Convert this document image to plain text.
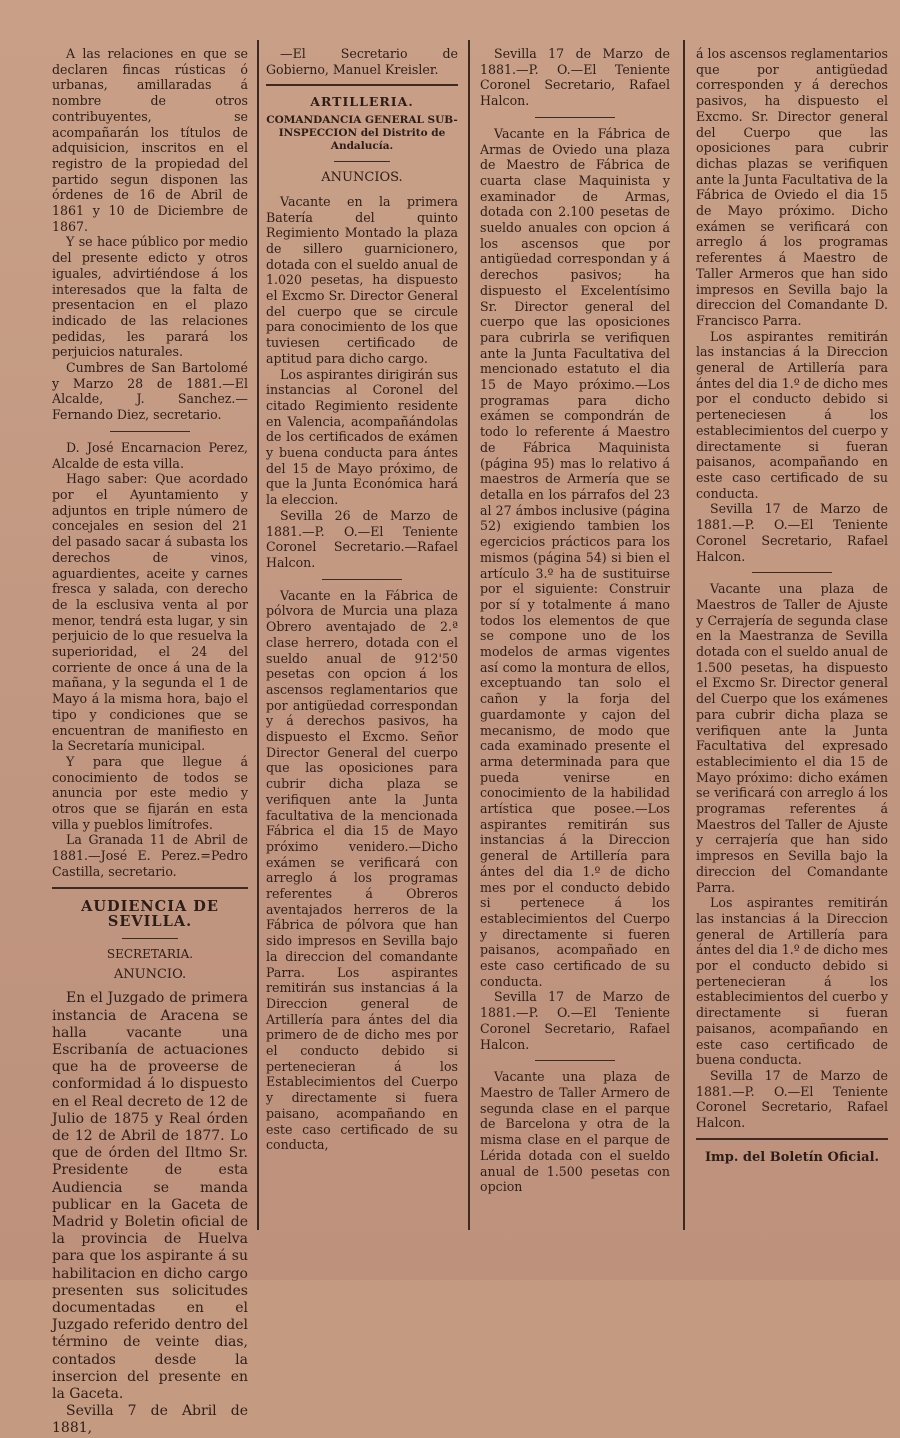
A las relaciones en que se declaren fincas rústicas ó urbanas, amillaradas á nombre de otros contribuyentes, se acompañarán los títulos de adquisicion, inscritos en el registro de la propiedad del partido segun disponen las órdenes de 16 de Abril de 1861 y 10 de Diciembre de 1867.

Y se hace público por medio del presente edicto y otros iguales, advirtiéndose á los interesados que la falta de presentacion en el plazo indicado de las relaciones pedidas, les parará los perjuicios naturales.

Cumbres de San Bartolomé y Marzo 28 de 1881.—El Alcalde, J. Sanchez.—Fernando Diez, secretario.

D. José Encarnacion Perez, Alcalde de esta villa.

Hago saber: Que acordado por el Ayuntamiento y adjuntos en triple número de concejales en sesion del 21 del pasado sacar á subasta los derechos de vinos, aguardientes, aceite y carnes fresca y salada, con derecho de la esclusiva venta al por menor, tendrá esta lugar, y sin perjuicio de lo que resuelva la superioridad, el 24 del corriente de once á una de la mañana, y la segunda el 1 de Mayo á la misma hora, bajo el tipo y condiciones que se encuentran de manifiesto en la Secretaría municipal.

Y para que llegue á conocimiento de todos se anuncia por este medio y otros que se fijarán en esta villa y pueblos limítrofes.

La Granada 11 de Abril de 1881.—José E. Perez.=Pedro Castilla, secretario.

AUDIENCIA DE SEVILLA.
SECRETARIA.
ANUNCIO.

En el Juzgado de primera instancia de Aracena se halla vacante una Escribanía de actuaciones que ha de proveerse de conformidad á lo dispuesto en el Real decreto de 12 de Julio de 1875 y Real órden de 12 de Abril de 1877. Lo que de órden del Iltmo Sr. Presidente de esta Audiencia se manda publicar en la Gaceta de Madrid y Boletin oficial de la provincia de Huelva para que los aspirante á su habilitacion en dicho cargo presenten sus solicitudes documentadas en el Juzgado referido dentro del término de veinte dias, contados desde la insercion del presente en la Gaceta.

Sevilla 7 de Abril de 1881,

—El Secretario de Gobierno, Manuel Kreisler.

ARTILLERIA.
COMANDANCIA GENERAL SUB-INSPECCION del Distrito de Andalucía.
ANUNCIOS.

Vacante en la primera Batería del quinto Regimiento Montado la plaza de sillero guarnicionero, dotada con el sueldo anual de 1.020 pesetas, ha dispuesto el Excmo Sr. Director General del cuerpo que se circule para conocimiento de los que tuviesen certificado de aptitud para dicho cargo.

Los aspirantes dirigirán sus instancias al Coronel del citado Regimiento residente en Valencia, acompañándolas de los certificados de exámen y buena conducta para ántes del 15 de Mayo próximo, de que la Junta Económica hará la eleccion.

Sevilla 26 de Marzo de 1881.—P. O.—El Teniente Coronel Secretario.—Rafael Halcon.

Vacante en la Fábrica de pólvora de Murcia una plaza Obrero aventajado de 2.ª clase herrero, dotada con el sueldo anual de 912'50 pesetas con opcion á los ascensos reglamentarios que por antigüedad correspondan y á derechos pasivos, ha dispuesto el Excmo. Señor Director General del cuerpo que las oposiciones para cubrir dicha plaza se verifiquen ante la Junta facultativa de la mencionada Fábrica el dia 15 de Mayo próximo venidero.—Dicho exámen se verificará con arreglo á los programas referentes á Obreros aventajados herreros de la Fábrica de pólvora que han sido impresos en Sevilla bajo la direccion del comandante Parra. Los aspirantes remitirán sus instancias á la Direccion general de Artillería para ántes del dia primero de de dicho mes por el conducto debido si pertenecieran á los Establecimientos del Cuerpo y directamente si fuera paisano, acompañando en este caso certificado de su conducta,

Sevilla 17 de Marzo de 1881.—P. O.—El Teniente Coronel Secretario, Rafael Halcon.

Vacante en la Fábrica de Armas de Oviedo una plaza de Maestro de Fábrica de cuarta clase Maquinista y examinador de Armas, dotada con 2.100 pesetas de sueldo anuales con opcion á los ascensos que por antigüedad correspondan y á derechos pasivos; ha dispuesto el Excelentísimo Sr. Director general del cuerpo que las oposiciones para cubrirla se verifiquen ante la Junta Facultativa del mencionado estatuto el dia 15 de Mayo próximo.—Los programas para dicho exámen se compondrán de todo lo referente á Maestro de Fábrica Maquinista (página 95) mas lo relativo á maestros de Armería que se detalla en los párrafos del 23 al 27 ámbos inclusive (página 52) exigiendo tambien los egercicios prácticos para los mismos (página 54) si bien el artículo 3.º ha de sustituirse por el siguiente: Construir por sí y totalmente á mano todos los elementos de que se compone uno de los modelos de armas vigentes así como la montura de ellos, exceptuando tan solo el cañon y la forja del guardamonte y cajon del mecanismo, de modo que cada examinado presente el arma determinada para que pueda venirse en conocimiento de la habilidad artística que posee.—Los aspirantes remitirán sus instancias á la Direccion general de Artillería para ántes del dia 1.º de dicho mes por el conducto debido si pertenece á los establecimientos del Cuerpo y directamente si fueren paisanos, acompañado en este caso certificado de su conducta.

Sevilla 17 de Marzo de 1881.—P. O.—El Teniente Coronel Secretario, Rafael Halcon.

Vacante una plaza de Maestro de Taller Armero de segunda clase en el parque de Barcelona y otra de la misma clase en el parque de Lérida dotada con el sueldo anual de 1.500 pesetas con opcion

á los ascensos reglamentarios que por antigüedad corresponden y á derechos pasivos, ha dispuesto el Excmo. Sr. Director general del Cuerpo que las oposiciones para cubrir dichas plazas se verifiquen ante la Junta Facultativa de la Fábrica de Oviedo el dia 15 de Mayo próximo. Dicho exámen se verificará con arreglo á los programas referentes á Maestro de Taller Armeros que han sido impresos en Sevilla bajo la direccion del Comandante D. Francisco Parra.

Los aspirantes remitirán las instancias á la Direccion general de Artillería para ántes del dia 1.º de dicho mes por el conducto debido si perteneciesen á los establecimientos del cuerpo y directamente si fueran paisanos, acompañando en este caso certificado de su conducta.

Sevilla 17 de Marzo de 1881.—P. O.—El Teniente Coronel Secretario, Rafael Halcon.

Vacante una plaza de Maestros de Taller de Ajuste y Cerrajería de segunda clase en la Maestranza de Sevilla dotada con el sueldo anual de 1.500 pesetas, ha dispuesto el Excmo Sr. Director general del Cuerpo que los exámenes para cubrir dicha plaza se verifiquen ante la Junta Facultativa del expresado establecimiento el dia 15 de Mayo próximo: dicho exámen se verificará con arreglo á los programas referentes á Maestros del Taller de Ajuste y cerrajería que han sido impresos en Sevilla bajo la direccion del Comandante Parra.

Los aspirantes remitirán las instancias á la Direccion general de Artillería para ántes del dia 1.º de dicho mes por el conducto debido si pertenecieran á los establecimientos del cuerbo y directamente si fueran paisanos, acompañando en este caso certificado de buena conducta.

Sevilla 17 de Marzo de 1881.—P. O.—El Teniente Coronel Secretario, Rafael Halcon.

Imp. del Boletín Oficial.
